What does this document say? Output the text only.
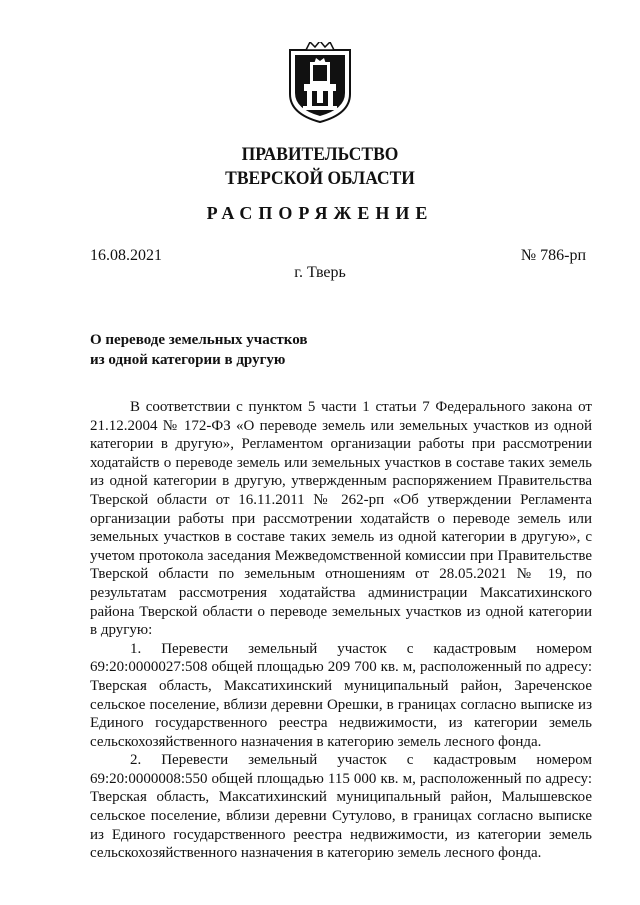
ПРАВИТЕЛЬСТВО
ТВЕРСКОЙ ОБЛАСТИ
РАСПОРЯЖЕНИЕ
16.08.2021	№ 786-рп
г. Тверь
О переводе земельных участков
из одной категории в другую

В соответствии с пунктом 5 части 1 статьи 7 Федерального закона от 21.12.2004 № 172-ФЗ «О переводе земель или земельных участков из одной категории в другую», Регламентом организации работы при рассмотрении ходатайств о переводе земель или земельных участков в составе таких земель из одной категории в другую, утвержденным распоряжением Правительства Тверской области от 16.11.2011 № 262-рп «Об утверждении Регламента организации работы при рассмотрении ходатайств о переводе земель или земельных участков в составе таких земель из одной категории в другую», с учетом протокола заседания Межведомственной комиссии при Правительстве Тверской области по земельным отношениям от 28.05.2021 № 19, по результатам рассмотрения ходатайства администрации Максатихинского района Тверской области о переводе земельных участков из одной категории в другую:

1. Перевести земельный участок с кадастровым номером 69:20:0000027:508 общей площадью 209 700 кв. м, расположенный по адресу: Тверская область, Максатихинский муниципальный район, Зареченское сельское поселение, вблизи деревни Орешки, в границах согласно выписке из Единого государственного реестра недвижимости, из категории земель сельскохозяйственного назначения в категорию земель лесного фонда.

2. Перевести земельный участок с кадастровым номером 69:20:0000008:550 общей площадью 115 000 кв. м, расположенный по адресу: Тверская область, Максатихинский муниципальный район, Малышевское сельское поселение, вблизи деревни Сутулово, в границах согласно выписке из Единого государственного реестра недвижимости, из категории земель сельскохозяйственного назначения в категорию земель лесного фонда.
